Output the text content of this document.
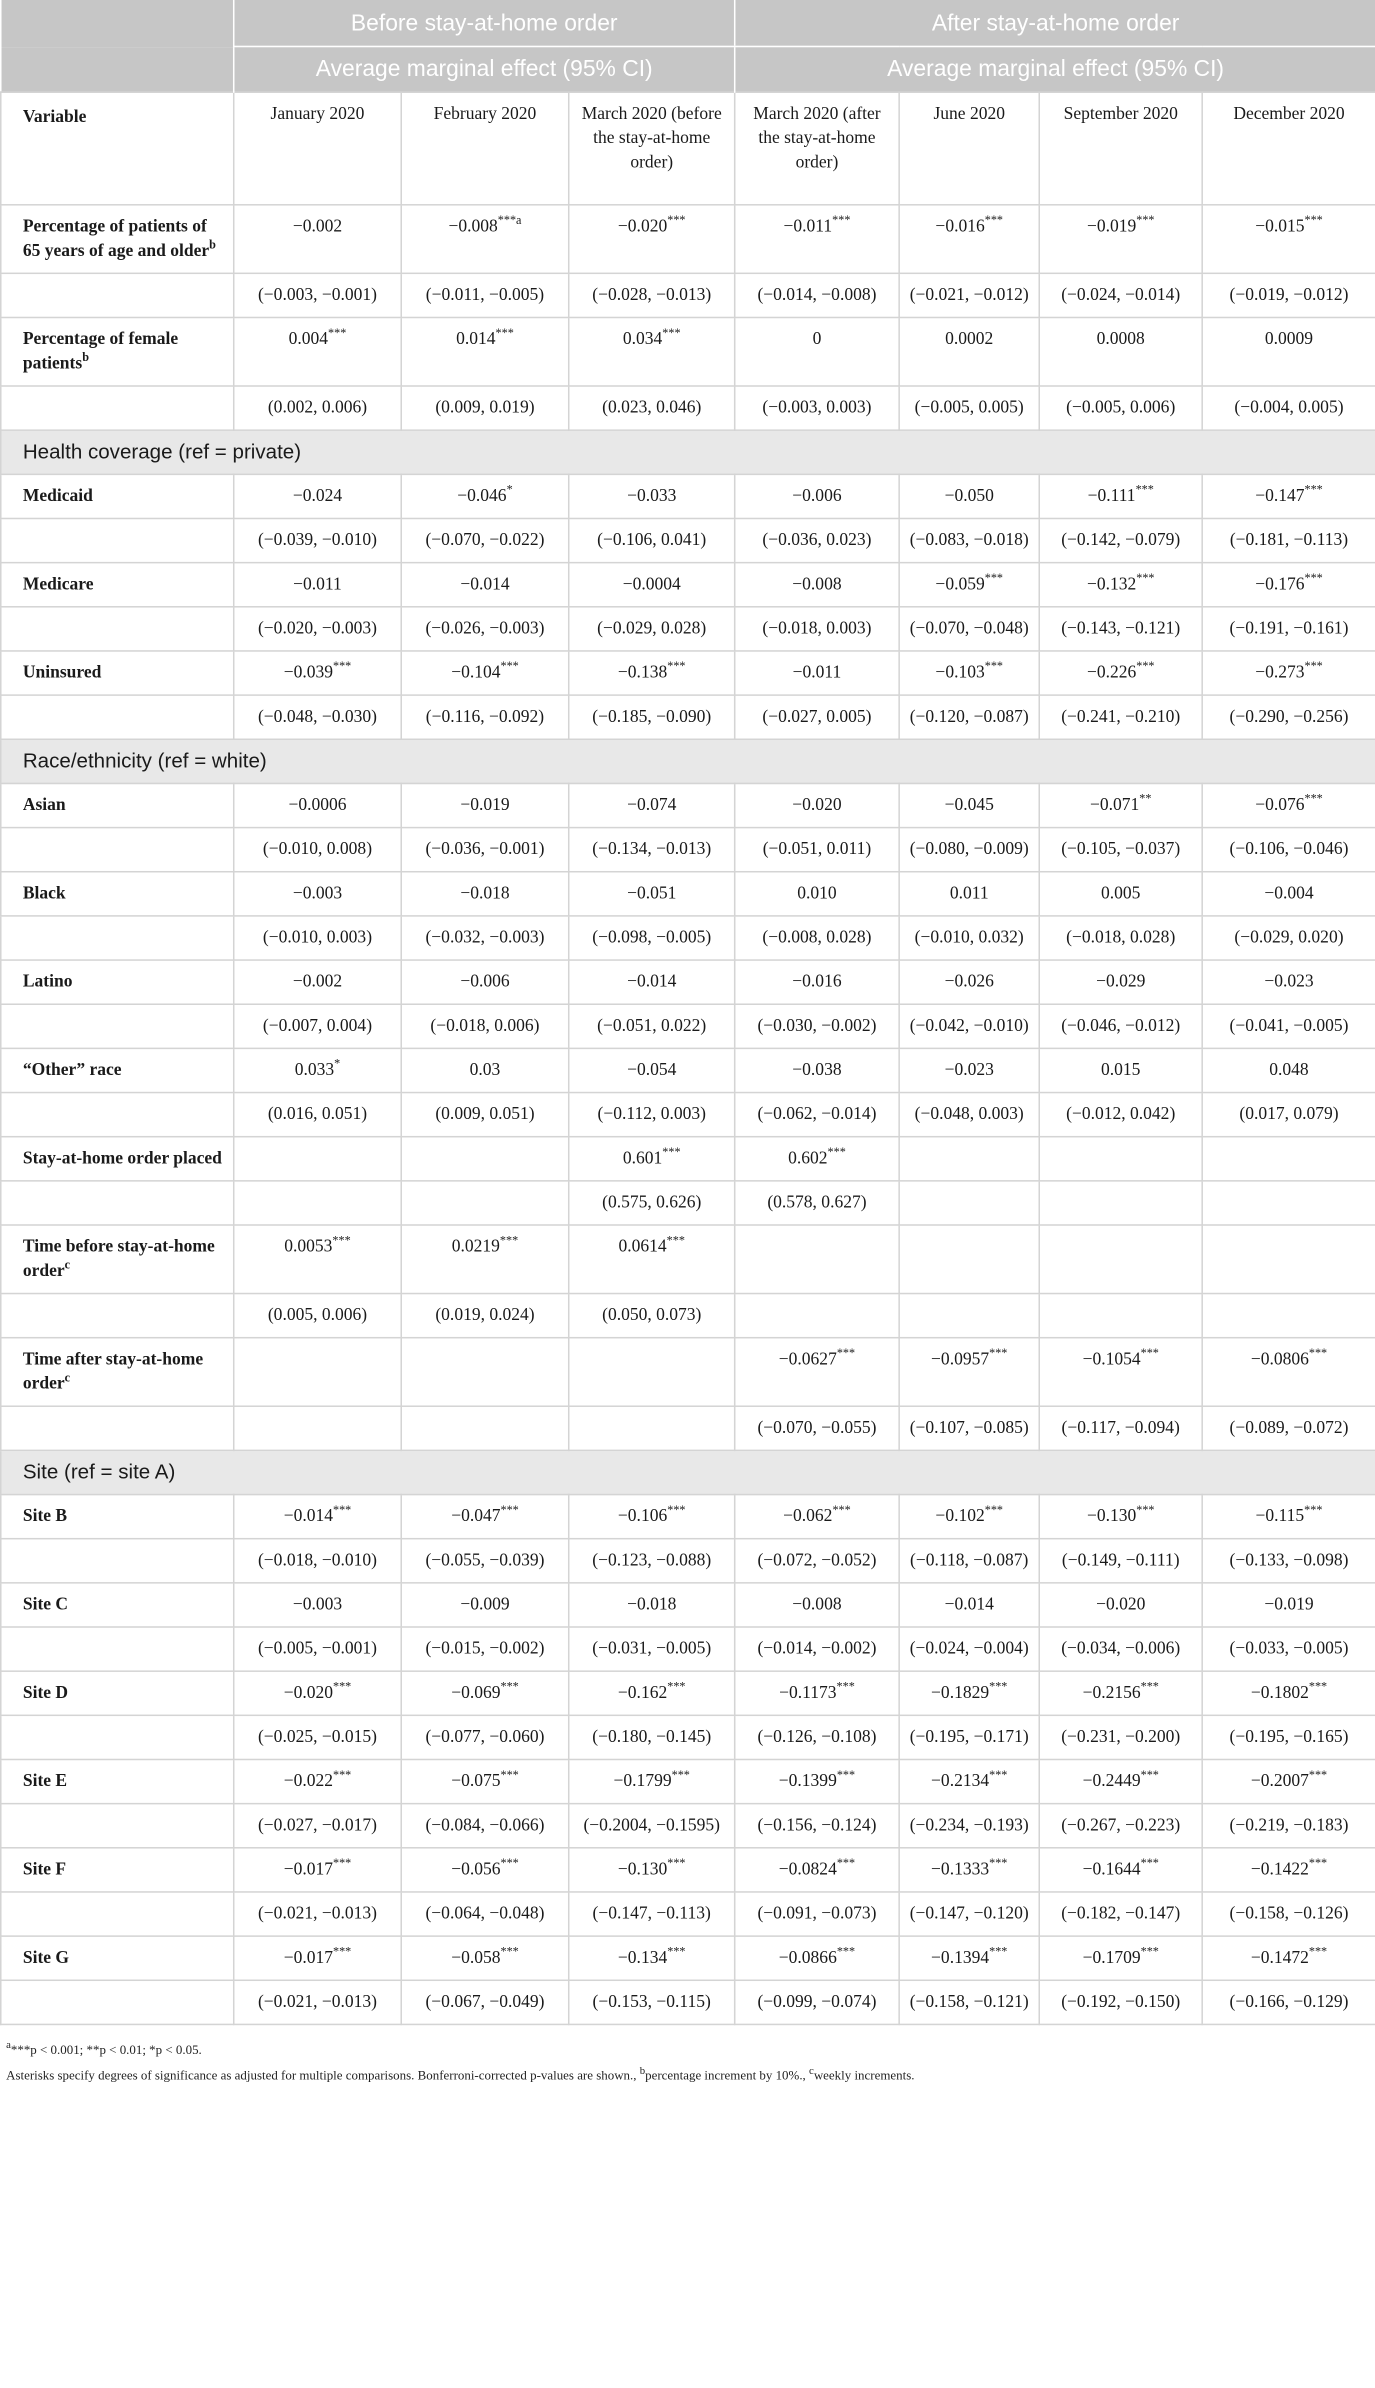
	Before stay-at-home order			After stay-at-home order			
	Average marginal effect (95% CI)			Average marginal effect (95% CI)			
Variable	January 2020	February 2020	March 2020 (before the stay-at-home order)	March 2020 (after the stay-at-home order)	June 2020	September 2020	December 2020
Percentage of patients of 65 years of age and older$^b$	−0.002	$-0.008^{***a}$	−0.020***	−0.011***	−0.016***	−0.019***	−0.015***
	(−0.003, −0.001)	(−0.011, −0.005)	(−0.028, −0.013)	(−0.014, −0.008)	(−0.021, −0.012)	(−0.024, −0.014)	(−0.019, −0.012)
Percentage of female patients$^b$	0.004***	0.014***	0.034***	0	0.0002	0.0008	0.0009
	(0.002, 0.006)	(0.009, 0.019)	(0.023, 0.046)	(−0.003, 0.003)	(−0.005, 0.005)	(−0.005, 0.006)	(−0.004, 0.005)
Health coverage (ref = private)							
Medicaid	−0.024	−0.046*	−0.033	−0.006	−0.050	−0.111***	−0.147***
	(−0.039, −0.010)	(−0.070, −0.022)	(−0.106, 0.041)	(−0.036, 0.023)	(−0.083, −0.018)	(−0.142, −0.079)	(−0.181, −0.113)
Medicare	−0.011	−0.014	−0.0004	−0.008	−0.059***	−0.132***	−0.176***
	(−0.020, −0.003)	(−0.026, −0.003)	(−0.029, 0.028)	(−0.018, 0.003)	(−0.070, −0.048)	(−0.143, −0.121)	(−0.191, −0.161)
Uninsured	−0.039***	−0.104***	−0.138***	−0.011	−0.103***	−0.226***	−0.273***
	(−0.048, −0.030)	(−0.116, −0.092)	(−0.185, −0.090)	(−0.027, 0.005)	(−0.120, −0.087)	(−0.241, −0.210)	(−0.290, −0.256)
Race/ethnicity (ref = white)							
Asian	−0.0006	−0.019	−0.074	−0.020	−0.045	−0.071**	−0.076***
	(−0.010, 0.008)	(−0.036, −0.001)	(−0.134, −0.013)	(−0.051, 0.011)	(−0.080, −0.009)	(−0.105, −0.037)	(−0.106, −0.046)
Black	−0.003	−0.018	−0.051	0.010	0.011	0.005	−0.004
	(−0.010, 0.003)	(−0.032, −0.003)	(−0.098, −0.005)	(−0.008, 0.028)	(−0.010, 0.032)	(−0.018, 0.028)	(−0.029, 0.020)
Latino	−0.002	−0.006	−0.014	−0.016	−0.026	−0.029	−0.023
	(−0.007, 0.004)	(−0.018, 0.006)	(−0.051, 0.022)	(−0.030, −0.002)	(−0.042, −0.010)	(−0.046, −0.012)	(−0.041, −0.005)
“Other” race	0.033*	0.03	−0.054	−0.038	−0.023	0.015	0.048
	(0.016, 0.051)	(0.009, 0.051)	(−0.112, 0.003)	(−0.062, −0.014)	(−0.048, 0.003)	(−0.012, 0.042)	(0.017, 0.079)
Stay-at-home order placed			0.601***	0.602***			
			(0.575, 0.626)	(0.578, 0.627)			
Time before stay-at-home order$^c$	0.0053***	0.0219***	0.0614***				
	(0.005, 0.006)	(0.019, 0.024)	(0.050, 0.073)				
Time after stay-at-home order$^c$				−0.0627***	−0.0957***	−0.1054***	−0.0806***
				(−0.070, −0.055)	(−0.107, −0.085)	(−0.117, −0.094)	(−0.089, −0.072)
Site (ref = site A)							
Site B	−0.014***	−0.047***	−0.106***	−0.062***	−0.102***	−0.130***	−0.115***
	(−0.018, −0.010)	(−0.055, −0.039)	(−0.123, −0.088)	(−0.072, −0.052)	(−0.118, −0.087)	(−0.149, −0.111)	(−0.133, −0.098)
Site C	−0.003	−0.009	−0.018	−0.008	−0.014	−0.020	−0.019
	(−0.005, −0.001)	(−0.015, −0.002)	(−0.031, −0.005)	(−0.014, −0.002)	(−0.024, −0.004)	(−0.034, −0.006)	(−0.033, −0.005)
Site D	−0.020***	−0.069***	−0.162***	−0.1173***	−0.1829***	−0.2156***	−0.1802***
	(−0.025, −0.015)	(−0.077, −0.060)	(−0.180, −0.145)	(−0.126, −0.108)	(−0.195, −0.171)	(−0.231, −0.200)	(−0.195, −0.165)
Site E	−0.022***	−0.075***	−0.1799***	−0.1399***	−0.2134***	−0.2449***	−0.2007***
	(−0.027, −0.017)	(−0.084, −0.066)	(−0.2004, −0.1595)	(−0.156, −0.124)	(−0.234, −0.193)	(−0.267, −0.223)	(−0.219, −0.183)
Site F	−0.017***	−0.056***	−0.130***	−0.0824***	−0.1333***	−0.1644***	−0.1422***
	(−0.021, −0.013)	(−0.064, −0.048)	(−0.147, −0.113)	(−0.091, −0.073)	(−0.147, −0.120)	(−0.182, −0.147)	(−0.158, −0.126)
Site G	−0.017***	−0.058***	−0.134***	−0.0866***	−0.1394***	−0.1709***	−0.1472***
	(−0.021, −0.013)	(−0.067, −0.049)	(−0.153, −0.115)	(−0.099, −0.074)	(−0.158, −0.121)	(−0.192, −0.150)	(−0.166, −0.129)

$^a$***p < 0.001; **p < 0.01; *p < 0.05.

Asterisks specify degrees of significance as adjusted for multiple comparisons. Bonferroni-corrected p-values are shown., $^b$percentage increment by 10%., $^c$weekly increments.
